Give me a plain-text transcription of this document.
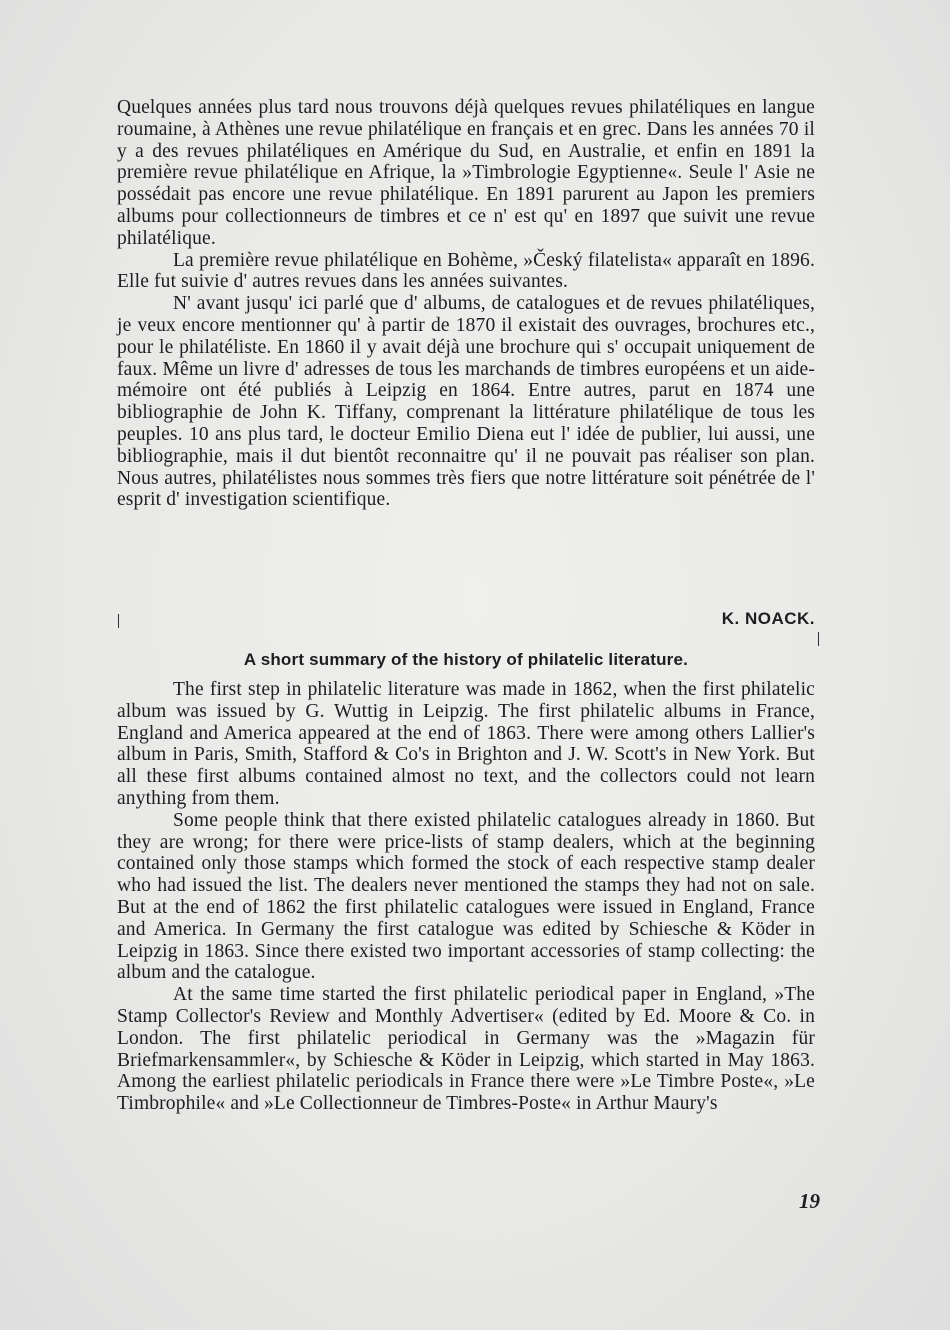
Quelques années plus tard nous trouvons déjà quelques revues philatéliques en langue roumaine, à Athènes une revue philatélique en français et en grec. Dans les années 70 il y a des revues philatéliques en Amérique du Sud, en Australie, et enfin en 1891 la première revue philatélique en Afrique, la »Timbrologie Egyptienne«. Seule l' Asie ne possédait pas encore une revue philatélique. En 1891 parurent au Japon les premiers albums pour collectionneurs de timbres et ce n' est qu' en 1897 que suivit une revue philatélique.

La première revue philatélique en Bohème, »Český filatelista« apparaît en 1896. Elle fut suivie d' autres revues dans les années suivantes.

N' avant jusqu' ici parlé que d' albums, de catalogues et de revues philatéliques, je veux encore mentionner qu' à partir de 1870 il existait des ouvrages, brochures etc., pour le philatéliste. En 1860 il y avait déjà une brochure qui s' occupait uniquement de faux. Même un livre d' adresses de tous les marchands de timbres européens et un aide-mémoire ont été publiés à Leipzig en 1864. Entre autres, parut en 1874 une bibliographie de John K. Tiffany, comprenant la littérature philatélique de tous les peuples. 10 ans plus tard, le docteur Emilio Diena eut l' idée de publier, lui aussi, une bibliographie, mais il dut bientôt reconnaitre qu' il ne pouvait pas réaliser son plan. Nous autres, philatélistes nous sommes très fiers que notre littérature soit pénétrée de l' esprit d' investigation scientifique.

K. NOACK.
A short summary of the history of philatelic literature.

The first step in philatelic literature was made in 1862, when the first philatelic album was issued by G. Wuttig in Leipzig. The first philatelic albums in France, England and America appeared at the end of 1863. There were among others Lallier's album in Paris, Smith, Stafford & Co's in Brighton and J. W. Scott's in New York. But all these first albums contained almost no text, and the collectors could not learn anything from them.

Some people think that there existed philatelic catalogues already in 1860. But they are wrong; for there were price-lists of stamp dealers, which at the beginning contained only those stamps which formed the stock of each respective stamp dealer who had issued the list. The dealers never mentioned the stamps they had not on sale. But at the end of 1862 the first philatelic catalogues were issued in England, France and America. In Germany the first catalogue was edited by Schiesche & Köder in Leipzig in 1863. Since there existed two important accessories of stamp collecting: the album and the catalogue.

At the same time started the first philatelic periodical paper in England, »The Stamp Collector's Review and Monthly Advertiser« (edited by Ed. Moore & Co. in London. The first philatelic periodical in Germany was the »Magazin für Briefmarkensammler«, by Schiesche & Köder in Leipzig, which started in May 1863. Among the earliest philatelic periodicals in France there were »Le Timbre Poste«, »Le Timbrophile« and »Le Collectionneur de Timbres-Poste« in Arthur Maury's

19
